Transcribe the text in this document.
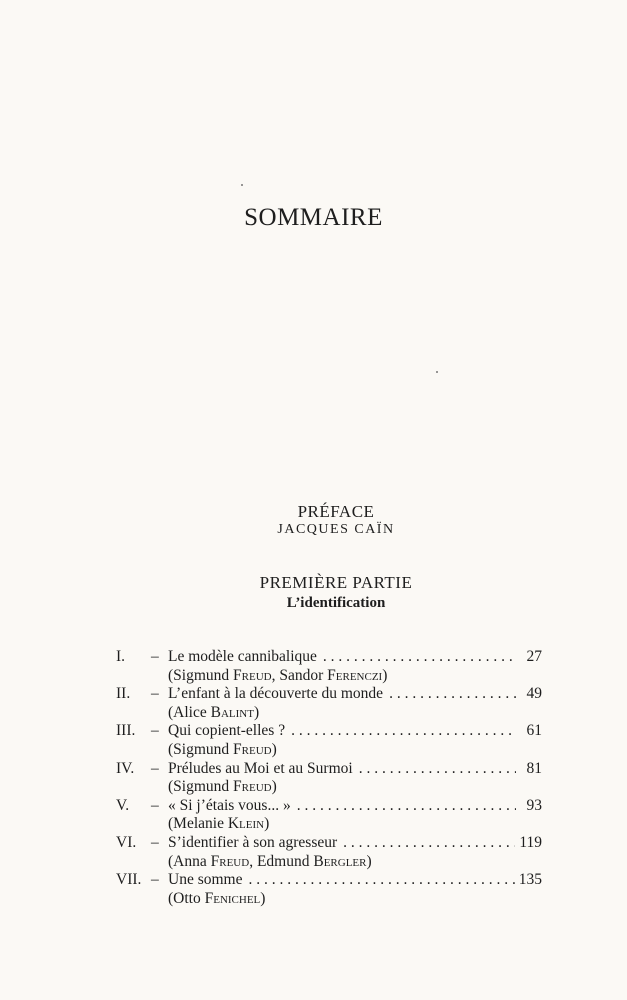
SOMMAIRE
PRÉFACE
JACQUES CAÏN
PREMIÈRE PARTIE
L’identification
I.	– Le modèle cannibalique . . .	27
(Sigmund Freud, Sandor Ferenczi)
II.	– L’enfant à la découverte du monde . . .	49
(Alice Balint)
III.	– Qui copient-elles ? . . .	61
(Sigmund Freud)
IV.	– Préludes au Moi et au Surmoi . . .	81
(Sigmund Freud)
V.	– « Si j’étais vous... » . . .	93
(Melanie Klein)
VI. – S’identifier à son agresseur . . .	119
(Anna Freud, Edmund Bergler)
VII. – Une somme . . .	135
(Otto Fenichel)
